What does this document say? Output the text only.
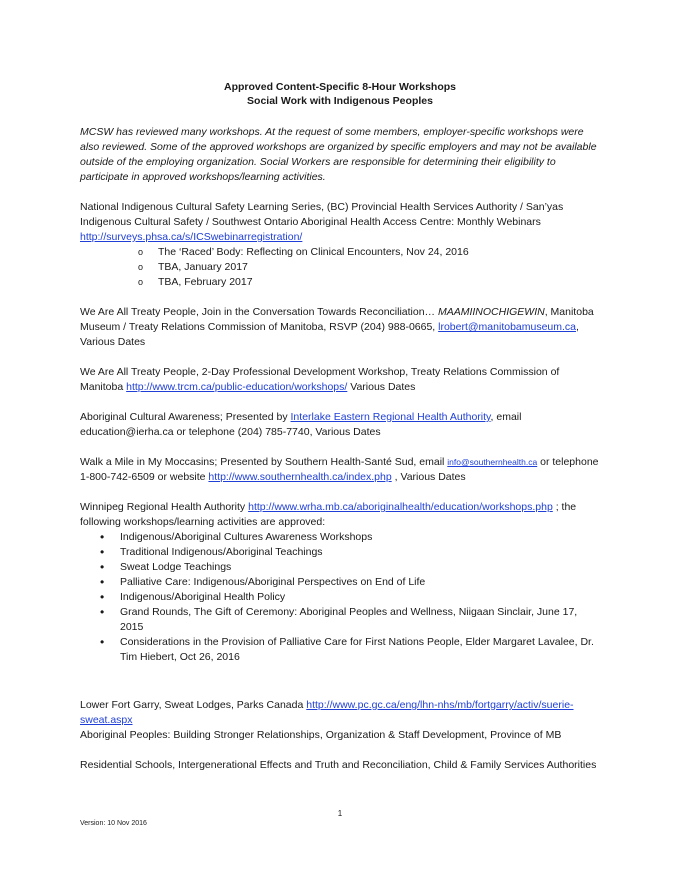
Approved Content-Specific 8-Hour Workshops
Social Work with Indigenous Peoples

MCSW has reviewed many workshops. At the request of some members, employer-specific workshops were also reviewed. Some of the approved workshops are organized by specific employers and may not be available outside of the employing organization. Social Workers are responsible for determining their eligibility to participate in approved workshops/learning activities.

National Indigenous Cultural Safety Learning Series, (BC) Provincial Health Services Authority / San’yas Indigenous Cultural Safety / Southwest Ontario Aboriginal Health Access Centre: Monthly Webinars http://surveys.phsa.ca/s/ICSwebinarregistration/

o The ‘Raced’ Body: Reflecting on Clinical Encounters, Nov 24, 2016
o TBA, January 2017
o TBA, February 2017

We Are All Treaty People, Join in the Conversation Towards Reconciliation… MAAMIINOCHIGEWIN, Manitoba Museum / Treaty Relations Commission of Manitoba, RSVP (204) 988-0665, lrobert@manitobamuseum.ca, Various Dates

We Are All Treaty People, 2-Day Professional Development Workshop, Treaty Relations Commission of Manitoba http://www.trcm.ca/public-education/workshops/ Various Dates

Aboriginal Cultural Awareness; Presented by Interlake Eastern Regional Health Authority, email education@ierha.ca or telephone (204) 785-7740, Various Dates

Walk a Mile in My Moccasins; Presented by Southern Health-Santé Sud, email info@southernhealth.ca or telephone 1-800-742-6509 or website http://www.southernhealth.ca/index.php , Various Dates

Winnipeg Regional Health Authority http://www.wrha.mb.ca/aboriginalhealth/education/workshops.php ; the following workshops/learning activities are approved:

• Indigenous/Aboriginal Cultures Awareness Workshops
• Traditional Indigenous/Aboriginal Teachings
• Sweat Lodge Teachings
• Palliative Care: Indigenous/Aboriginal Perspectives on End of Life
• Indigenous/Aboriginal Health Policy
• Grand Rounds, The Gift of Ceremony: Aboriginal Peoples and Wellness, Niigaan Sinclair, June 17, 2015
• Considerations in the Provision of Palliative Care for First Nations People, Elder Margaret Lavalee, Dr. Tim Hiebert, Oct 26, 2016

Lower Fort Garry, Sweat Lodges, Parks Canada http://www.pc.gc.ca/eng/lhn-nhs/mb/fortgarry/activ/suerie-sweat.aspx

Aboriginal Peoples: Building Stronger Relationships, Organization & Staff Development, Province of MB

Residential Schools, Intergenerational Effects and Truth and Reconciliation, Child & Family Services Authorities

1
Version: 10 Nov 2016
